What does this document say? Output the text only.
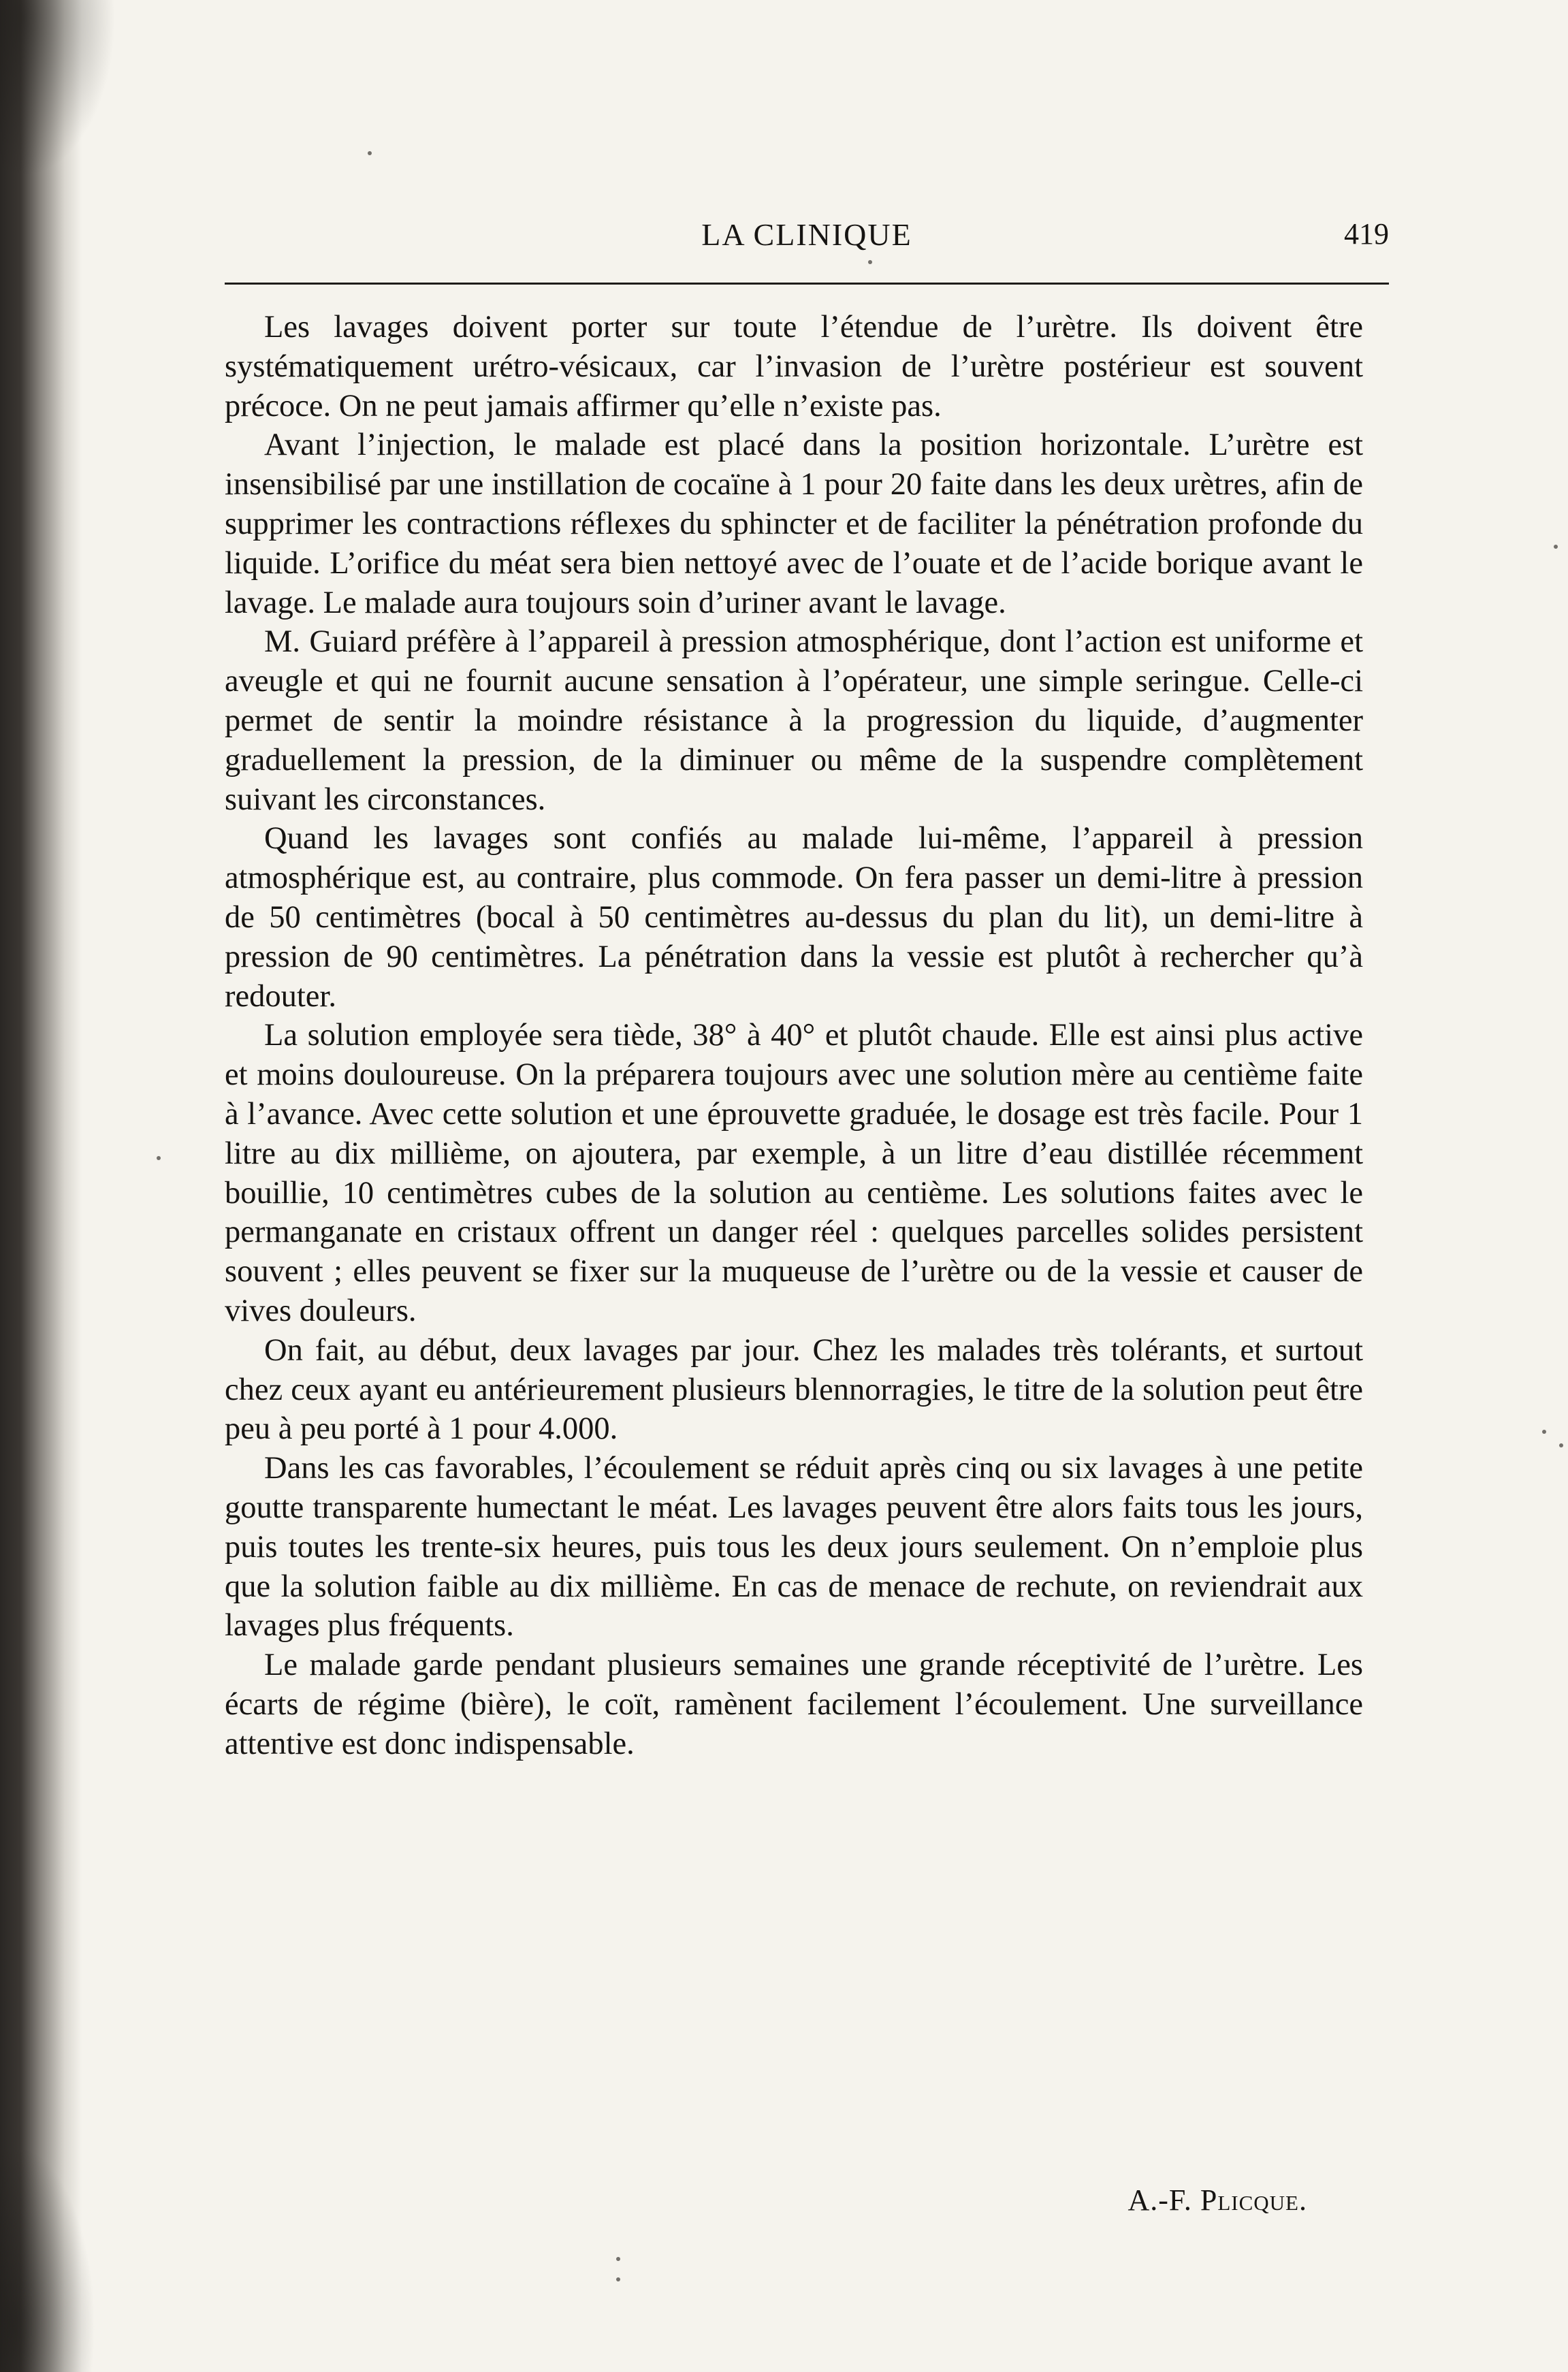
LA CLINIQUE	419

Les lavages doivent porter sur toute l’étendue de l’urètre. Ils doivent être systématiquement urétro-vésicaux, car l’invasion de l’urètre postérieur est souvent précoce. On ne peut jamais affirmer qu’elle n’existe pas.

Avant l’injection, le malade est placé dans la position horizontale. L’urètre est insensibilisé par une instillation de cocaïne à 1 pour 20 faite dans les deux urètres, afin de supprimer les contractions réflexes du sphincter et de faciliter la pénétration profonde du liquide. L’orifice du méat sera bien nettoyé avec de l’ouate et de l’acide borique avant le lavage. Le malade aura toujours soin d’uriner avant le lavage.

M. Guiard préfère à l’appareil à pression atmosphérique, dont l’action est uniforme et aveugle et qui ne fournit aucune sensation à l’opérateur, une simple seringue. Celle-ci permet de sentir la moindre résistance à la progression du liquide, d’augmenter graduellement la pression, de la diminuer ou même de la suspendre complètement suivant les circonstances.

Quand les lavages sont confiés au malade lui-même, l’appareil à pression atmosphérique est, au contraire, plus commode. On fera passer un demi-litre à pression de 50 centimètres (bocal à 50 centimètres au-dessus du plan du lit), un demi-litre à pression de 90 centimètres. La pénétration dans la vessie est plutôt à rechercher qu’à redouter.

La solution employée sera tiède, 38° à 40° et plutôt chaude. Elle est ainsi plus active et moins douloureuse. On la préparera toujours avec une solution mère au centième faite à l’avance. Avec cette solution et une éprouvette graduée, le dosage est très facile. Pour 1 litre au dix millième, on ajoutera, par exemple, à un litre d’eau distillée récemment bouillie, 10 centimètres cubes de la solution au centième. Les solutions faites avec le permanganate en cristaux offrent un danger réel : quelques parcelles solides persistent souvent ; elles peuvent se fixer sur la muqueuse de l’urètre ou de la vessie et causer de vives douleurs.

On fait, au début, deux lavages par jour. Chez les malades très tolérants, et surtout chez ceux ayant eu antérieurement plusieurs blennorragies, le titre de la solution peut être peu à peu porté à 1 pour 4.000.

Dans les cas favorables, l’écoulement se réduit après cinq ou six lavages à une petite goutte transparente humectant le méat. Les lavages peuvent être alors faits tous les jours, puis toutes les trente-six heures, puis tous les deux jours seulement. On n’emploie plus que la solution faible au dix millième. En cas de menace de rechute, on reviendrait aux lavages plus fréquents.

Le malade garde pendant plusieurs semaines une grande réceptivité de l’urètre. Les écarts de régime (bière), le coït, ramènent facilement l’écoulement. Une surveillance attentive est donc indispensable.

A.-F. Plicque.
